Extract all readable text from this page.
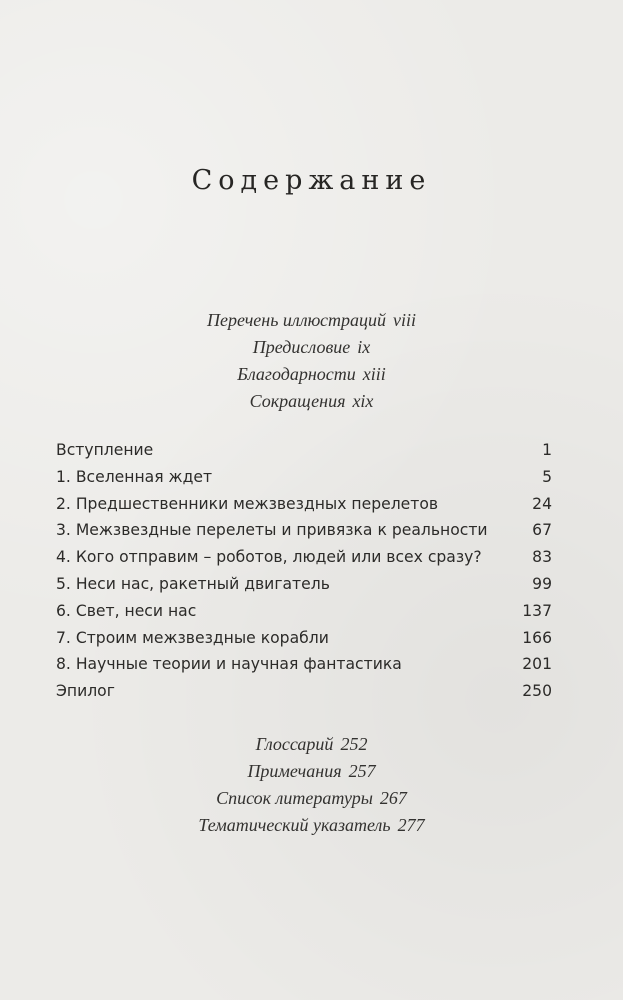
Содержание
Перечень иллюстраций viii
Предисловие ix
Благодарности xiii
Сокращения xix
Вступление	1
1. Вселенная ждет	5
2. Предшественники межзвездных перелетов	24
3. Межзвездные перелеты и привязка к реальности	67
4. Кого отправим – роботов, людей или всех сразу?	83
5. Неси нас, ракетный двигатель	99
6. Свет, неси нас	137
7. Строим межзвездные корабли	166
8. Научные теории и научная фантастика	201
Эпилог	250
Глоссарий 252
Примечания 257
Список литературы 267
Тематический указатель 277
